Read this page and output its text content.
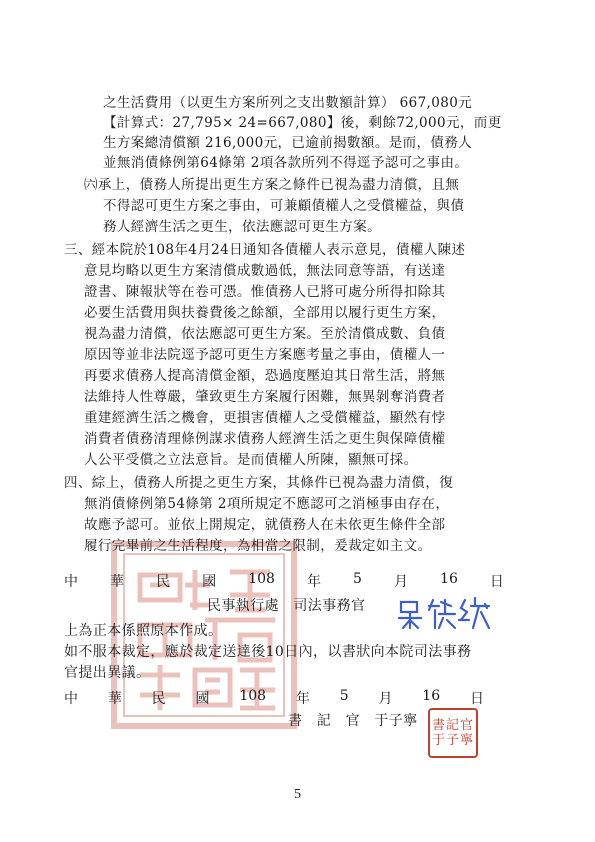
之生活費用（以更生方案所列之支出數額計算） 667,080元
【計算式：27,795× 24=667,080】後，剩餘72,000元，而更
生方案總清償額 216,000元，已逾前揭數額。是而，債務人
並無消債條例第64條第 2項各款所列不得逕予認可之事由。
㈥承上，債務人所提出更生方案之條件已視為盡力清償，且無
不得認可更生方案之事由，可兼顧債權人之受償權益，與債
務人經濟生活之更生，依法應認可更生方案。
三、經本院於108年4月24日通知各債權人表示意見，債權人陳述
意見均略以更生方案清償成數過低，無法同意等語，有送達
證書、陳報狀等在卷可憑。惟債務人已將可處分所得扣除其
必要生活費用與扶養費後之餘額，全部用以履行更生方案，
視為盡力清償，依法應認可更生方案。至於清償成數、負債
原因等並非法院逕予認可更生方案應考量之事由，債權人一
再要求債務人提高清償金額，恐過度壓迫其日常生活，將無
法維持人性尊嚴，肇致更生方案履行困難，無異剝奪消費者
重建經濟生活之機會，更損害債權人之受償權益，顯然有悖
消費者債務清理條例謀求債務人經濟生活之更生與保障債權
人公平受償之立法意旨。是而債權人所陳，顯無可採。
四、綜上，債務人所提之更生方案，其條件已視為盡力清償，復
無消債條例第54條第 2項所規定不應認可之消極事由存在，
故應予認可。並依上開規定，就債務人在未依更生條件全部
履行完畢前之生活程度，為相當之限制，爰裁定如主文。
中 華 民 國 108 年 5 月 16 日
民事執行處　司法事務官
上為正本係照原本作成。
如不服本裁定，應於裁定送達後10日內，以書狀向本院司法事務
官提出異議。
中 華 民 國 108 年 5 月 16 日
書　記　官　于子寧 書記官
于子寧
5
